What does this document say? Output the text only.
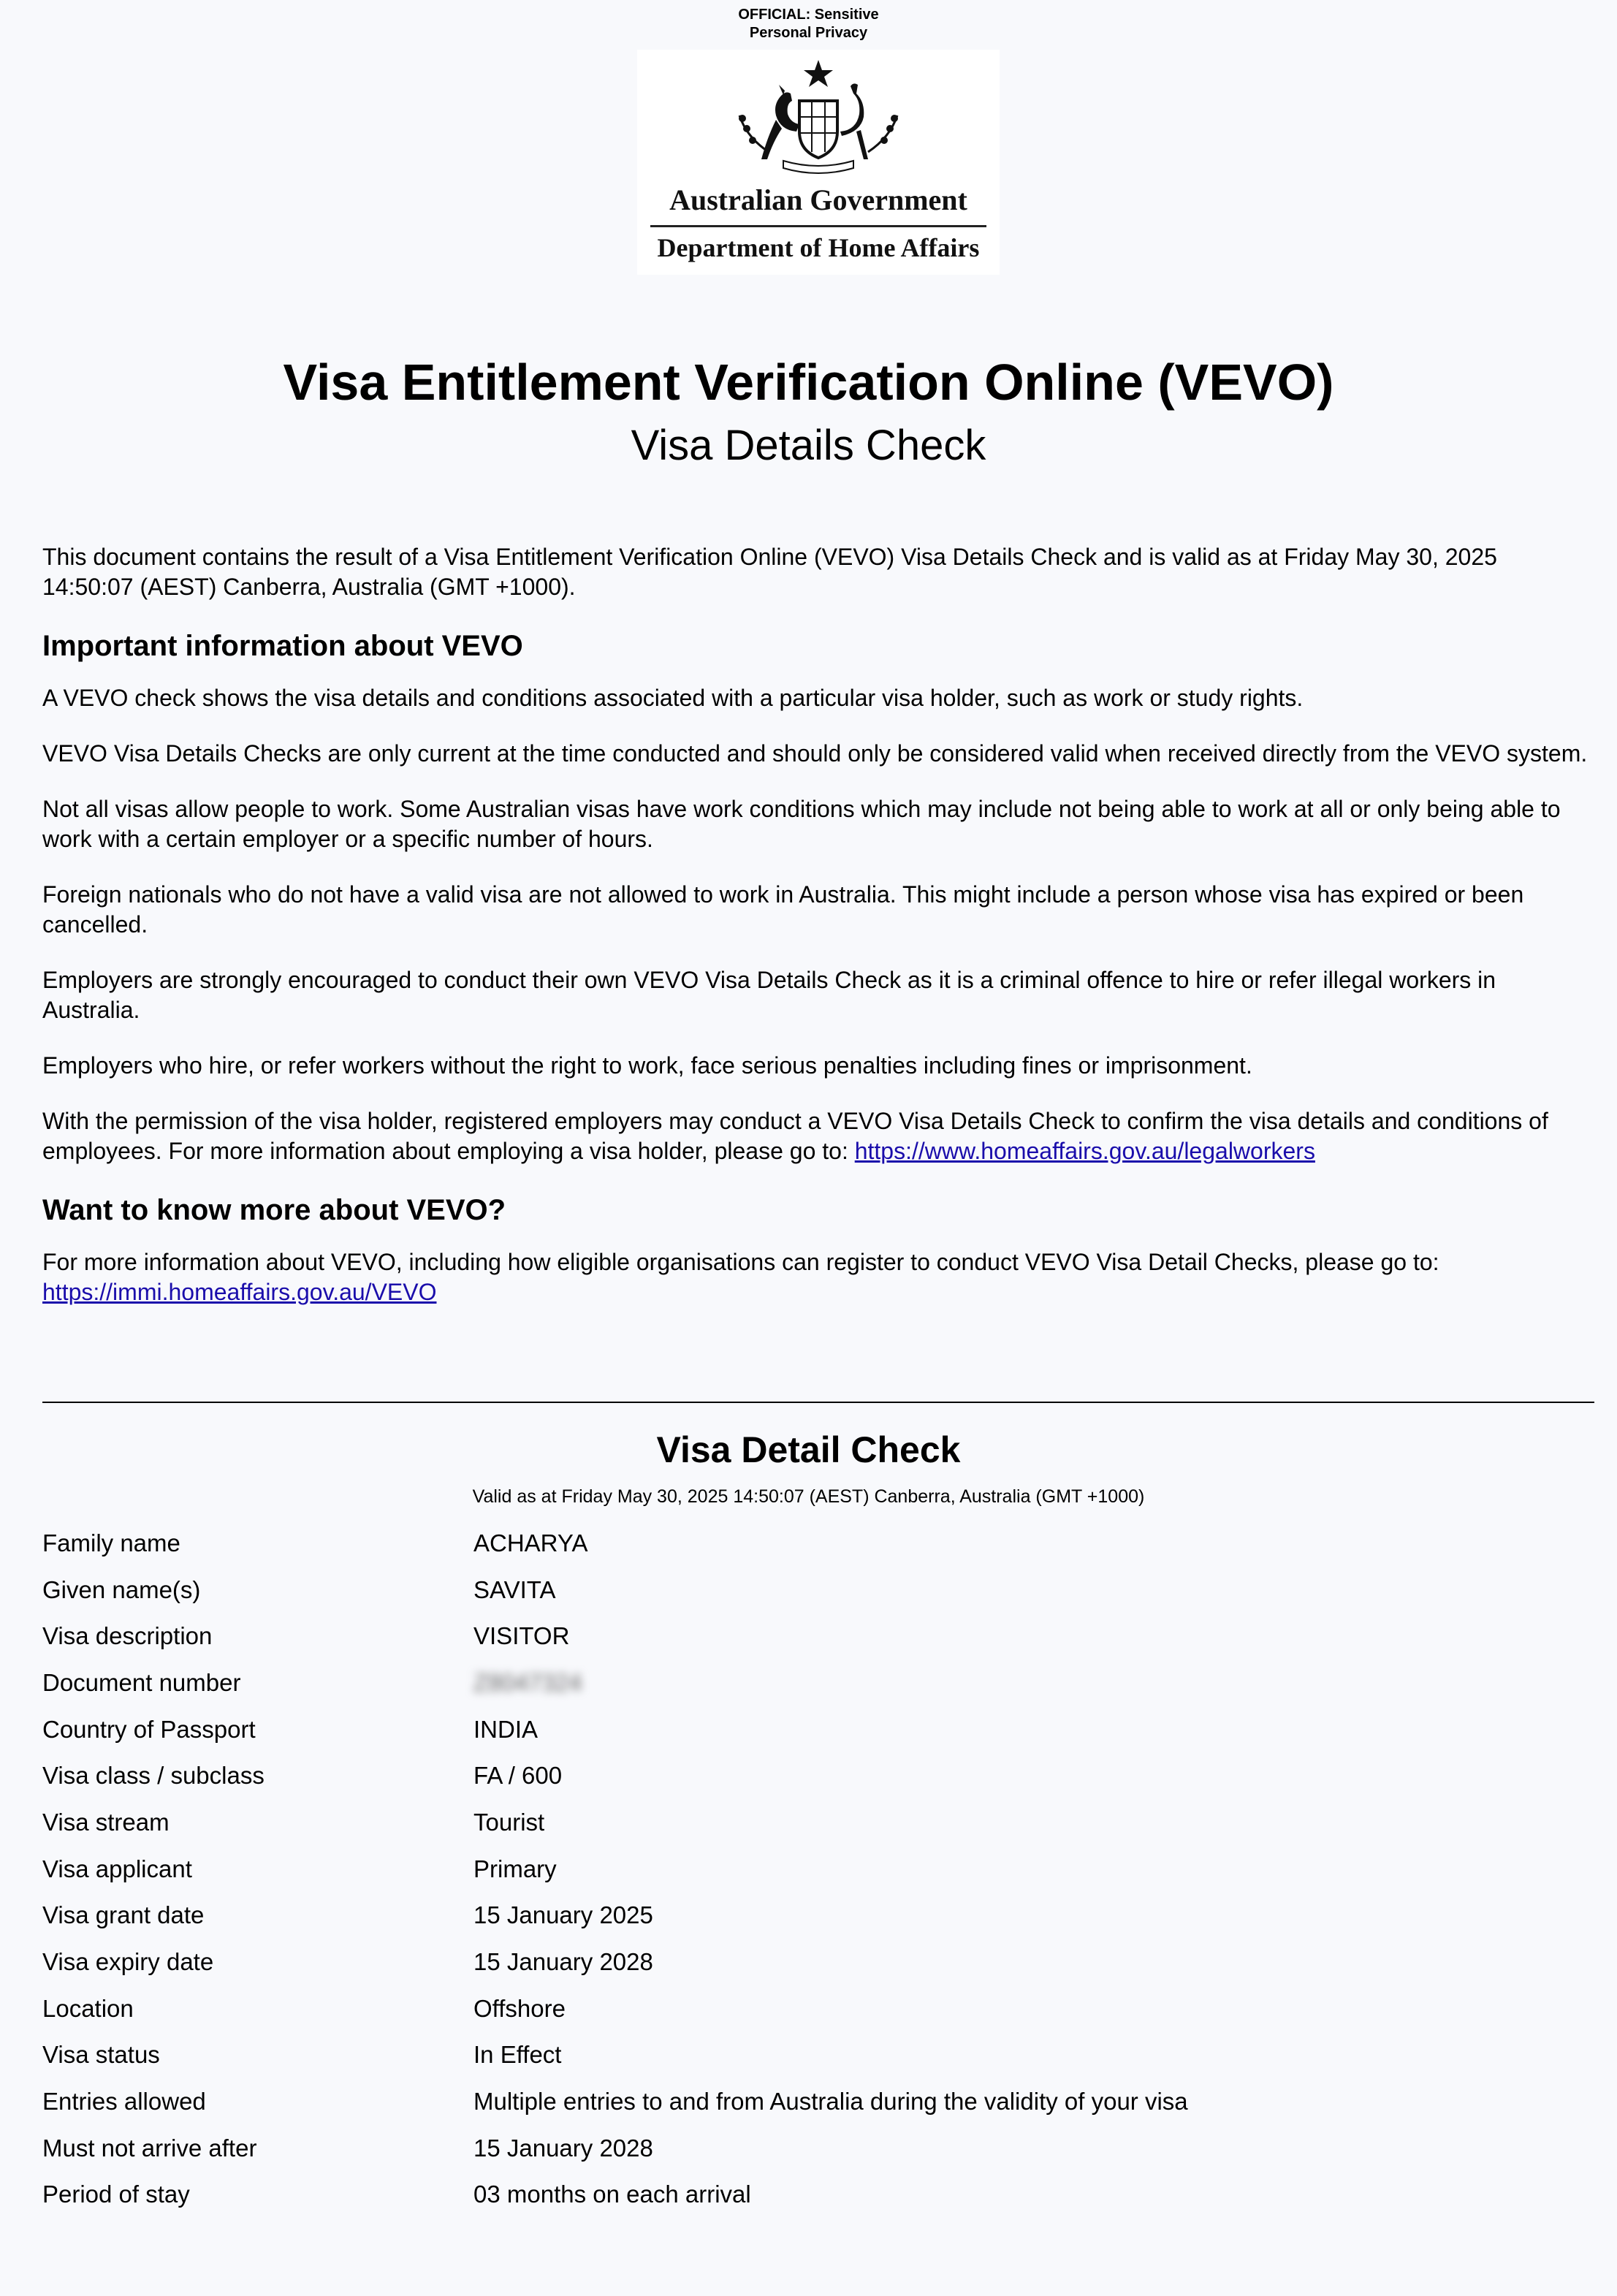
OFFICIAL: Sensitive
Personal Privacy
Australian Government
Department of Home Affairs
Visa Entitlement Verification Online (VEVO)
Visa Details Check

This document contains the result of a Visa Entitlement Verification Online (VEVO) Visa Details Check and is valid as at Friday May 30, 2025 14:50:07 (AEST) Canberra, Australia (GMT +1000).

Important information about VEVO

A VEVO check shows the visa details and conditions associated with a particular visa holder, such as work or study rights.

VEVO Visa Details Checks are only current at the time conducted and should only be considered valid when received directly from the VEVO system.

Not all visas allow people to work. Some Australian visas have work conditions which may include not being able to work at all or only being able to work with a certain employer or a specific number of hours.

Foreign nationals who do not have a valid visa are not allowed to work in Australia. This might include a person whose visa has expired or been cancelled.

Employers are strongly encouraged to conduct their own VEVO Visa Details Check as it is a criminal offence to hire or refer illegal workers in Australia.

Employers who hire, or refer workers without the right to work, face serious penalties including fines or imprisonment.

With the permission of the visa holder, registered employers may conduct a VEVO Visa Details Check to confirm the visa details and conditions of employees. For more information about employing a visa holder, please go to: https://www.homeaffairs.gov.au/legalworkers

Want to know more about VEVO?

For more information about VEVO, including how eligible organisations can register to conduct VEVO Visa Detail Checks, please go to: https://immi.homeaffairs.gov.au/VEVO

Visa Detail Check
Valid as at Friday May 30, 2025 14:50:07 (AEST) Canberra, Australia (GMT +1000)
Family name	ACHARYA
Given name(s)	SAVITA
Visa description	VISITOR
Document number	Z8047324
Country of Passport	INDIA
Visa class / subclass	FA / 600
Visa stream	Tourist
Visa applicant	Primary
Visa grant date	15 January 2025
Visa expiry date	15 January 2028
Location	Offshore
Visa status	In Effect
Entries allowed	Multiple entries to and from Australia during the validity of your visa
Must not arrive after	15 January 2028
Period of stay	03 months on each arrival
